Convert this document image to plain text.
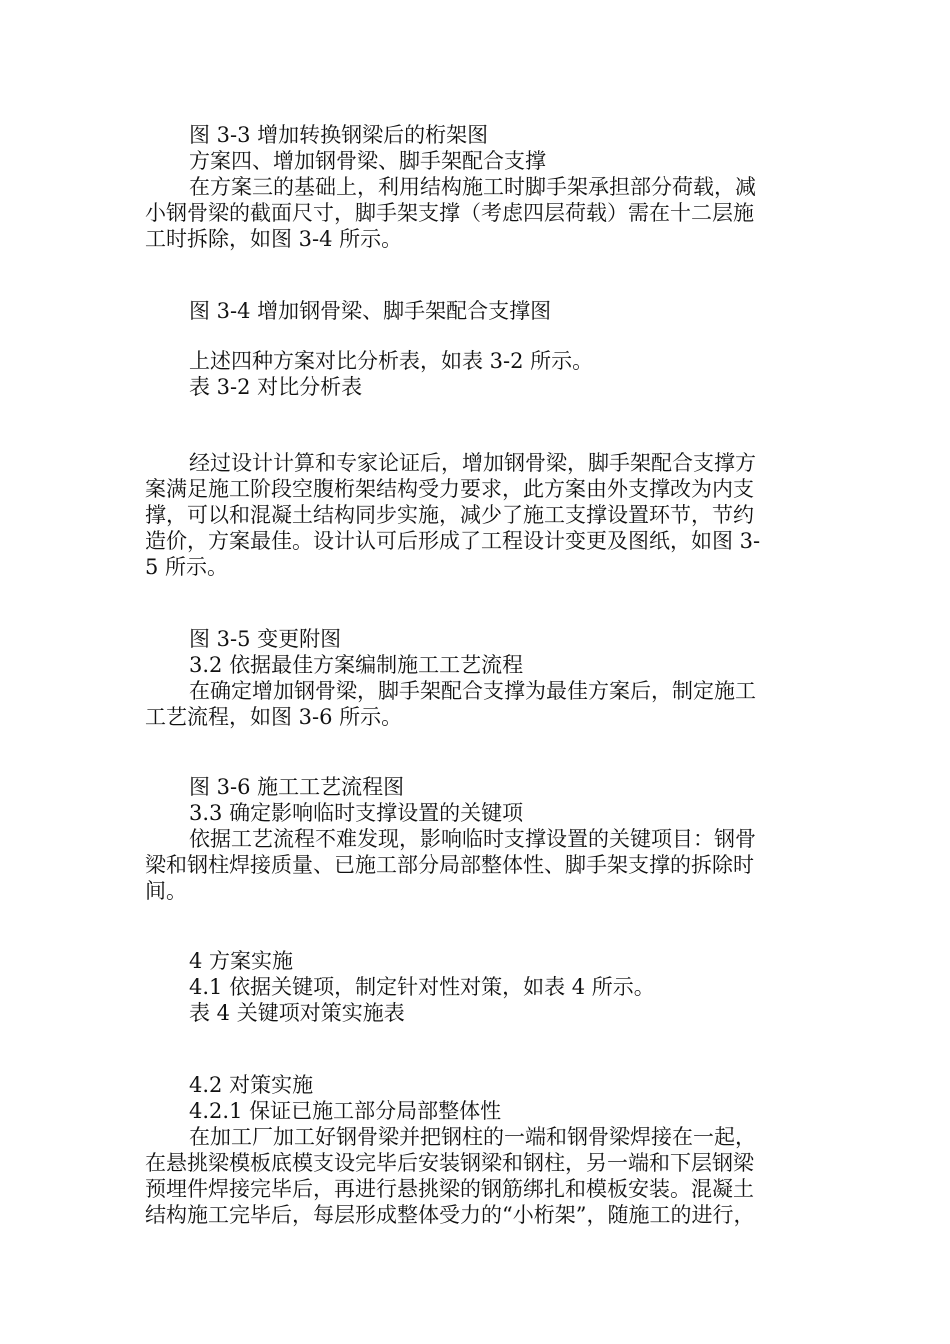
图 3-3 增加转换钢梁后的桁架图
方案四、增加钢骨梁、脚手架配合支撑
在方案三的基础上，利用结构施工时脚手架承担部分荷载，减
小钢骨梁的截面尺寸，脚手架支撑（考虑四层荷载）需在十二层施
工时拆除，如图 3-4 所示。
图 3-4 增加钢骨梁、脚手架配合支撑图
上述四种方案对比分析表，如表 3-2 所示。
表 3-2 对比分析表
经过设计计算和专家论证后，增加钢骨梁，脚手架配合支撑方
案满足施工阶段空腹桁架结构受力要求，此方案由外支撑改为内支
撑，可以和混凝土结构同步实施，减少了施工支撑设置环节，节约
造价，方案最佳。设计认可后形成了工程设计变更及图纸，如图 3-
5 所示。
图 3-5 变更附图
3.2 依据最佳方案编制施工工艺流程
在确定增加钢骨梁，脚手架配合支撑为最佳方案后，制定施工
工艺流程，如图 3-6 所示。
图 3-6 施工工艺流程图
3.3 确定影响临时支撑设置的关键项
依据工艺流程不难发现，影响临时支撑设置的关键项目：钢骨
梁和钢柱焊接质量、已施工部分局部整体性、脚手架支撑的拆除时
间。
4 方案实施
4.1 依据关键项，制定针对性对策，如表 4 所示。
表 4 关键项对策实施表
4.2 对策实施
4.2.1 保证已施工部分局部整体性
在加工厂加工好钢骨梁并把钢柱的一端和钢骨梁焊接在一起，
在悬挑梁模板底模支设完毕后安装钢梁和钢柱，另一端和下层钢梁
预埋件焊接完毕后，再进行悬挑梁的钢筋绑扎和模板安装。混凝土
结构施工完毕后，每层形成整体受力的“小桁架”，随施工的进行，
